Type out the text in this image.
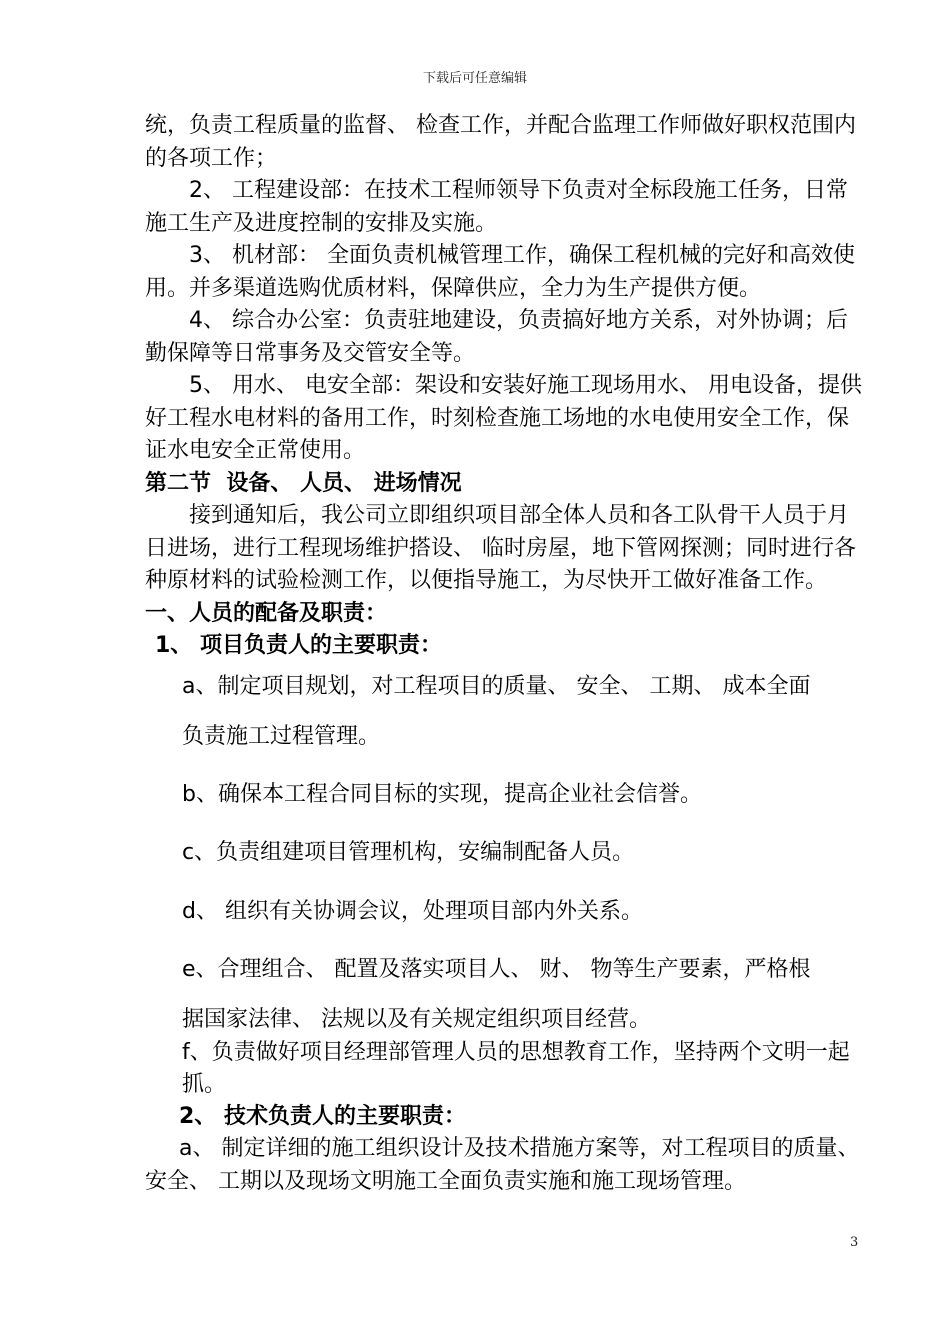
下载后可任意编辑

统，负责工程质量的监督、 检查工作，并配合监理工作师做好职权范围内的各项工作；

2、 工程建设部：在技术工程师领导下负责对全标段施工任务，日常施工生产及进度控制的安排及实施。

3、 机材部： 全面负责机械管理工作，确保工程机械的完好和高效使用。并多渠道选购优质材料，保障供应，全力为生产提供方便。

4、 综合办公室：负责驻地建设，负责搞好地方关系，对外协调；后勤保障等日常事务及交管安全等。

5、 用水、 电安全部：架设和安装好施工现场用水、 用电设备，提供好工程水电材料的备用工作，时刻检查施工场地的水电使用安全工作，保证水电安全正常使用。

第二节  设备、 人员、 进场情况

接到通知后，我公司立即组织项目部全体人员和各工队骨干人员于月  日进场，进行工程现场维护搭设、 临时房屋，地下管网探测；同时进行各种原材料的试验检测工作，以便指导施工，为尽快开工做好准备工作。

一、人员的配备及职责：

1、 项目负责人的主要职责：

a、制定项目规划，对工程项目的质量、 安全、 工期、 成本全面
负责施工过程管理。

b、确保本工程合同目标的实现，提高企业社会信誉。

c、负责组建项目管理机构，安编制配备人员。

d、 组织有关协调会议，处理项目部内外关系。

e、合理组合、 配置及落实项目人、 财、 物等生产要素，严格根
据国家法律、 法规以及有关规定组织项目经营。

f、负责做好项目经理部管理人员的思想教育工作，坚持两个文明一起抓。

2、 技术负责人的主要职责：

a、 制定详细的施工组织设计及技术措施方案等，对工程项目的质量、 安全、 工期以及现场文明施工全面负责实施和施工现场管理。

3
